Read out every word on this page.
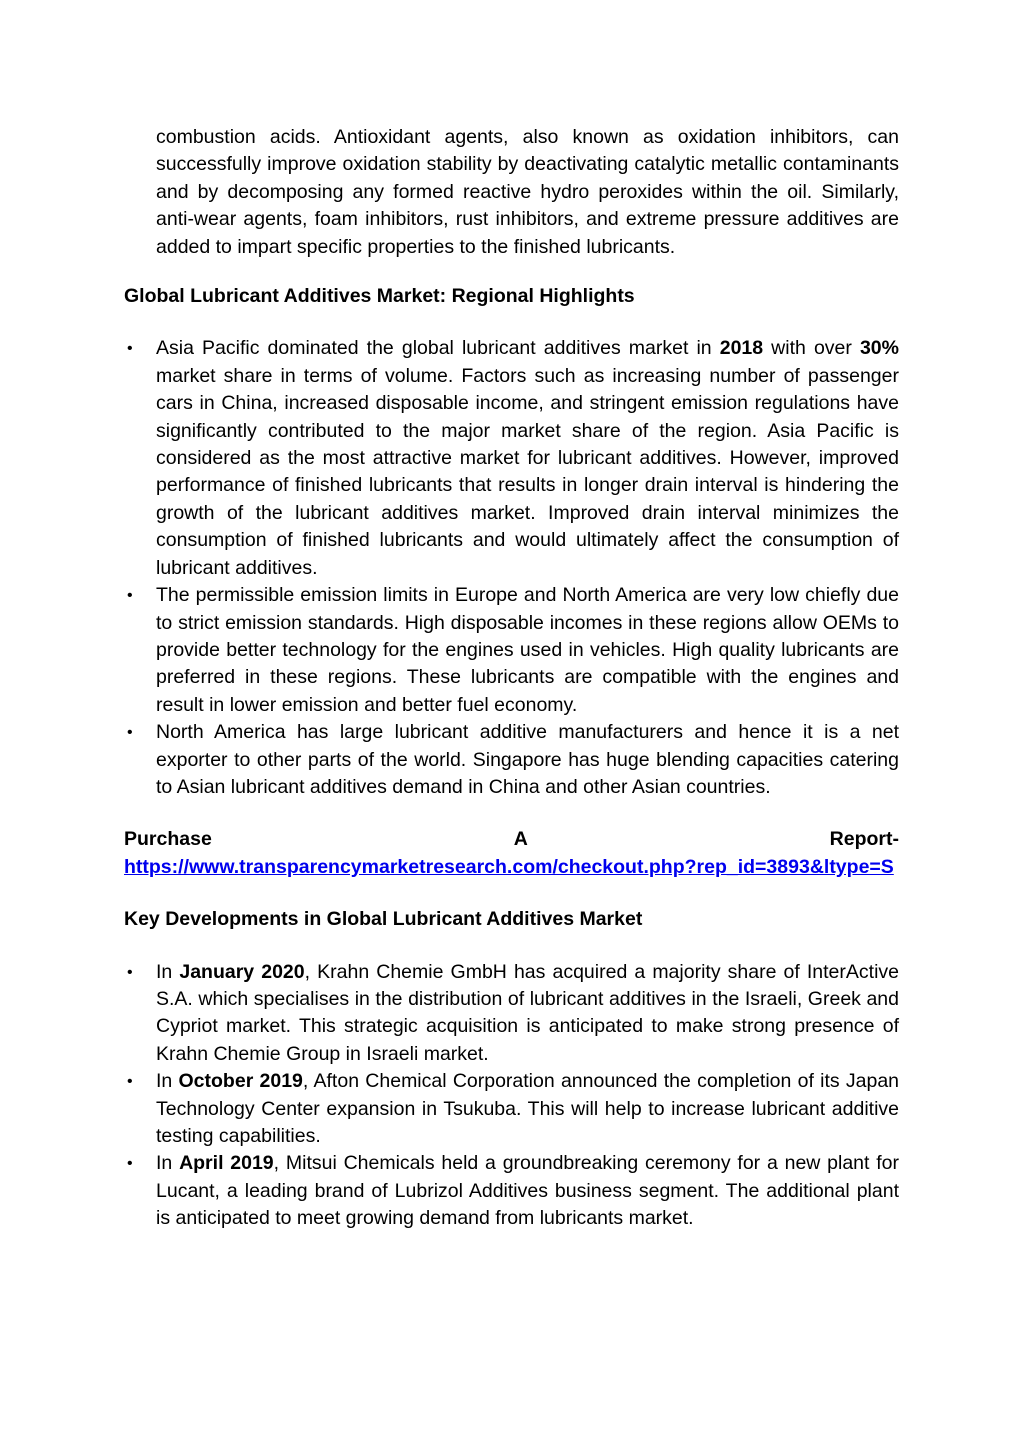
combustion acids. Antioxidant agents, also known as oxidation inhibitors, can successfully improve oxidation stability by deactivating catalytic metallic contaminants and by decomposing any formed reactive hydro peroxides within the oil. Similarly, anti-wear agents, foam inhibitors, rust inhibitors, and extreme pressure additives are added to impart specific properties to the finished lubricants.

Global Lubricant Additives Market: Regional Highlights

• Asia Pacific dominated the global lubricant additives market in 2018 with over 30% market share in terms of volume. Factors such as increasing number of passenger cars in China, increased disposable income, and stringent emission regulations have significantly contributed to the major market share of the region. Asia Pacific is considered as the most attractive market for lubricant additives. However, improved performance of finished lubricants that results in longer drain interval is hindering the growth of the lubricant additives market. Improved drain interval minimizes the consumption of finished lubricants and would ultimately affect the consumption of lubricant additives.
• The permissible emission limits in Europe and North America are very low chiefly due to strict emission standards. High disposable incomes in these regions allow OEMs to provide better technology for the engines used in vehicles. High quality lubricants are preferred in these regions. These lubricants are compatible with the engines and result in lower emission and better fuel economy.
• North America has large lubricant additive manufacturers and hence it is a net exporter to other parts of the world. Singapore has huge blending capacities catering to Asian lubricant additives demand in China and other Asian countries.
Purchase	A	Report-
https://www.transparencymarketresearch.com/checkout.php?rep_id=3893&ltype=S

Key Developments in Global Lubricant Additives Market

• In January 2020, Krahn Chemie GmbH has acquired a majority share of InterActive S.A. which specialises in the distribution of lubricant additives in the Israeli, Greek and Cypriot market. This strategic acquisition is anticipated to make strong presence of Krahn Chemie Group in Israeli market.
• In October 2019, Afton Chemical Corporation announced the completion of its Japan Technology Center expansion in Tsukuba. This will help to increase lubricant additive testing capabilities.
• In April 2019, Mitsui Chemicals held a groundbreaking ceremony for a new plant for Lucant, a leading brand of Lubrizol Additives business segment. The additional plant is anticipated to meet growing demand from lubricants market.
